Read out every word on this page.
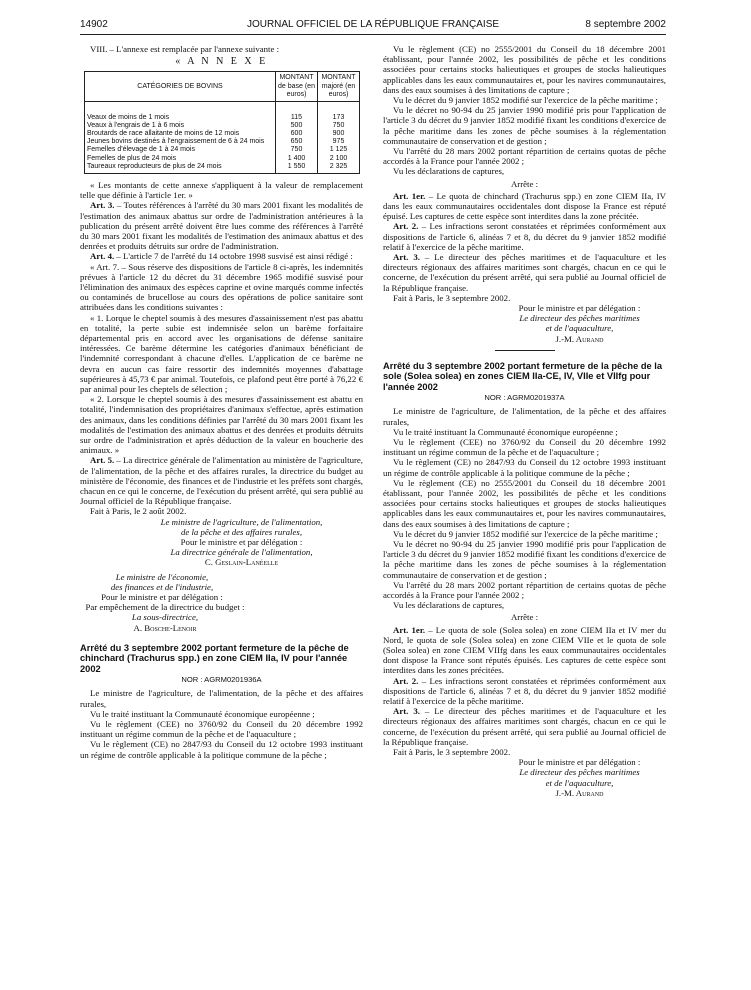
14902	JOURNAL OFFICIEL DE LA RÉPUBLIQUE FRANÇAISE	8 septembre 2002

VIII. – L'annexe est remplacée par l'annexe suivante :

« A N N E X E
CATÉGORIES DE BOVINS	MONTANT de base (en euros)	MONTANT majoré (en euros)

Veaux de moins de 1 mois	115	173
Veaux à l'engrais de 1 à 6 mois	500	750
Broutards de race allaitante de moins de 12 mois	600	900
Jeunes bovins destinés à l'engraissement de 6 à 24 mois	650	975
Femelles d'élevage de 1 à 24 mois	750	1 125
Femelles de plus de 24 mois	1 400	2 100
Taureaux reproducteurs de plus de 24 mois	1 550	2 325

« Les montants de cette annexe s'appliquent à la valeur de remplacement telle que définie à l'article 1er. »

Art. 3. – Toutes références à l'arrêté du 30 mars 2001 fixant les modalités de l'estimation des animaux abattus sur ordre de l'administration antérieures à la publication du présent arrêté doivent être lues comme des références à l'arrêté du 30 mars 2001 fixant les modalités de l'estimation des animaux abattus et des denrées et produits détruits sur ordre de l'administration.

Art. 4. – L'article 7 de l'arrêté du 14 octobre 1998 susvisé est ainsi rédigé :

« Art. 7. – Sous réserve des dispositions de l'article 8 ci-après, les indemnités prévues à l'article 12 du décret du 31 décembre 1965 modifié susvisé pour l'élimination des animaux des espèces caprine et ovine marqués comme infectés ou contaminés de brucellose au cours des opérations de police sanitaire sont attribuées dans les conditions suivantes :

« 1. Lorque le cheptel soumis à des mesures d'assainissement n'est pas abattu en totalité, la perte subie est indemnisée selon un barème forfaitaire départemental pris en accord avec les organisations de défense sanitaire intéressées. Ce barème détermine les catégories d'animaux bénéficiant de l'indemnité correspondant à chacune d'elles. L'application de ce barème ne devra en aucun cas faire ressortir des indemnités moyennes d'abattage supérieures à 45,73 € par animal. Toutefois, ce plafond peut être porté à 76,22 € par animal pour les cheptels de sélection ;

« 2. Lorsque le cheptel soumis à des mesures d'assainissement est abattu en totalité, l'indemnisation des propriétaires d'animaux s'effectue, après estimation des animaux, dans les conditions définies par l'arrêté du 30 mars 2001 fixant les modalités de l'estimation des animaux abattus et des denrées et produits détruits sur ordre de l'administration et après déduction de la valeur en boucherie des animaux. »

Art. 5. – La directrice générale de l'alimentation au ministère de l'agriculture, de l'alimentation, de la pêche et des affaires rurales, la directrice du budget au ministère de l'économie, des finances et de l'industrie et les préfets sont chargés, chacun en ce qui le concerne, de l'exécution du présent arrêté, qui sera publié au Journal officiel de la République française.

Fait à Paris, le 2 août 2002.

Le ministre de l'agriculture, de l'alimentation,
de la pêche et des affaires rurales,
Pour le ministre et par délégation :
La directrice générale de l'alimentation,
C. Geslain-Lanéelle
Le ministre de l'économie,
des finances et de l'industrie,
Pour le ministre et par délégation :
Par empêchement de la directrice du budget :
La sous-directrice,
A. Bosche-Lenoir
Arrêté du 3 septembre 2002 portant fermeture de la pêche de chinchard (Trachurus spp.) en zone CIEM IIa, IV pour l'année 2002
NOR : AGRM0201936A

Le ministre de l'agriculture, de l'alimentation, de la pêche et des affaires rurales,

Vu le traité instituant la Communauté économique européenne ;

Vu le règlement (CEE) no 3760/92 du Conseil du 20 décembre 1992 instituant un régime commun de la pêche et de l'aquaculture ;

Vu le règlement (CE) no 2847/93 du Conseil du 12 octobre 1993 instituant un régime de contrôle applicable à la politique commune de la pêche ;

Vu le règlement (CE) no 2555/2001 du Conseil du 18 décembre 2001 établissant, pour l'année 2002, les possibilités de pêche et les conditions associées pour certains stocks halieutiques et groupes de stocks halieutiques applicables dans les eaux communautaires et, pour les navires communautaires, dans des eaux soumises à des limitations de capture ;

Vu le décret du 9 janvier 1852 modifié sur l'exercice de la pêche maritime ;

Vu le décret no 90-94 du 25 janvier 1990 modifié pris pour l'application de l'article 3 du décret du 9 janvier 1852 modifié fixant les conditions d'exercice de la pêche maritime dans les zones de pêche soumises à la réglementation communautaire de conservation et de gestion ;

Vu l'arrêté du 28 mars 2002 portant répartition de certains quotas de pêche accordés à la France pour l'année 2002 ;

Vu les déclarations de captures,

Arrête :

Art. 1er. – Le quota de chinchard (Trachurus spp.) en zone CIEM IIa, IV dans les eaux communautaires occidentales dont dispose la France est réputé épuisé. Les captures de cette espèce sont interdites dans la zone précitée.

Art. 2. – Les infractions seront constatées et réprimées conformément aux dispositions de l'article 6, alinéas 7 et 8, du décret du 9 janvier 1852 modifié relatif à l'exercice de la pêche maritime.

Art. 3. – Le directeur des pêches maritimes et de l'aquaculture et les directeurs régionaux des affaires maritimes sont chargés, chacun en ce qui le concerne, de l'exécution du présent arrêté, qui sera publié au Journal officiel de la République française.

Fait à Paris, le 3 septembre 2002.

Pour le ministre et par délégation :
Le directeur des pêches maritimes
et de l'aquaculture,
J.-M. Aurand
Arrêté du 3 septembre 2002 portant fermeture de la pêche de la sole (Solea solea) en zones CIEM IIa-CE, IV, VIIe et VIIfg pour l'année 2002
NOR : AGRM0201937A

Le ministre de l'agriculture, de l'alimentation, de la pêche et des affaires rurales,

Vu le traité instituant la Communauté économique européenne ;

Vu le règlement (CEE) no 3760/92 du Conseil du 20 décembre 1992 instituant un régime commun de la pêche et de l'aquaculture ;

Vu le règlement (CE) no 2847/93 du Conseil du 12 octobre 1993 instituant un régime de contrôle applicable à la politique commune de la pêche ;

Vu le règlement (CE) no 2555/2001 du Conseil du 18 décembre 2001 établissant, pour l'année 2002, les possibilités de pêche et les conditions associées pour certains stocks halieutiques et groupes de stocks halieutiques applicables dans les eaux communautaires et, pour les navires communautaires, dans des eaux soumises à des limitations de capture ;

Vu le décret du 9 janvier 1852 modifié sur l'exercice de la pêche maritime ;

Vu le décret no 90-94 du 25 janvier 1990 modifié pris pour l'application de l'article 3 du décret du 9 janvier 1852 modifié fixant les conditions d'exercice de la pêche maritime dans les zones de pêche soumises à la réglementation communautaire de conservation et de gestion ;

Vu l'arrêté du 28 mars 2002 portant répartition de certains quotas de pêche accordés à la France pour l'année 2002 ;

Vu les déclarations de captures,

Arrête :

Art. 1er. – Le quota de sole (Solea solea) en zone CIEM IIa et IV mer du Nord, le quota de sole (Solea solea) en zone CIEM VIIe et le quota de sole (Solea solea) en zone CIEM VIIfg dans les eaux communautaires occidentales dont dispose la France sont réputés épuisés. Les captures de cette espèce sont interdites dans les zones précitées.

Art. 2. – Les infractions seront constatées et réprimées conformément aux dispositions de l'article 6, alinéas 7 et 8, du décret du 9 janvier 1852 modifié relatif à l'exercice de la pêche maritime.

Art. 3. – Le directeur des pêches maritimes et de l'aquaculture et les directeurs régionaux des affaires maritimes sont chargés, chacun en ce qui le concerne, de l'exécution du présent arrêté, qui sera publié au Journal officiel de la République française.

Fait à Paris, le 3 septembre 2002.

Pour le ministre et par délégation :
Le directeur des pêches maritimes
et de l'aquaculture,
J.-M. Aurand
